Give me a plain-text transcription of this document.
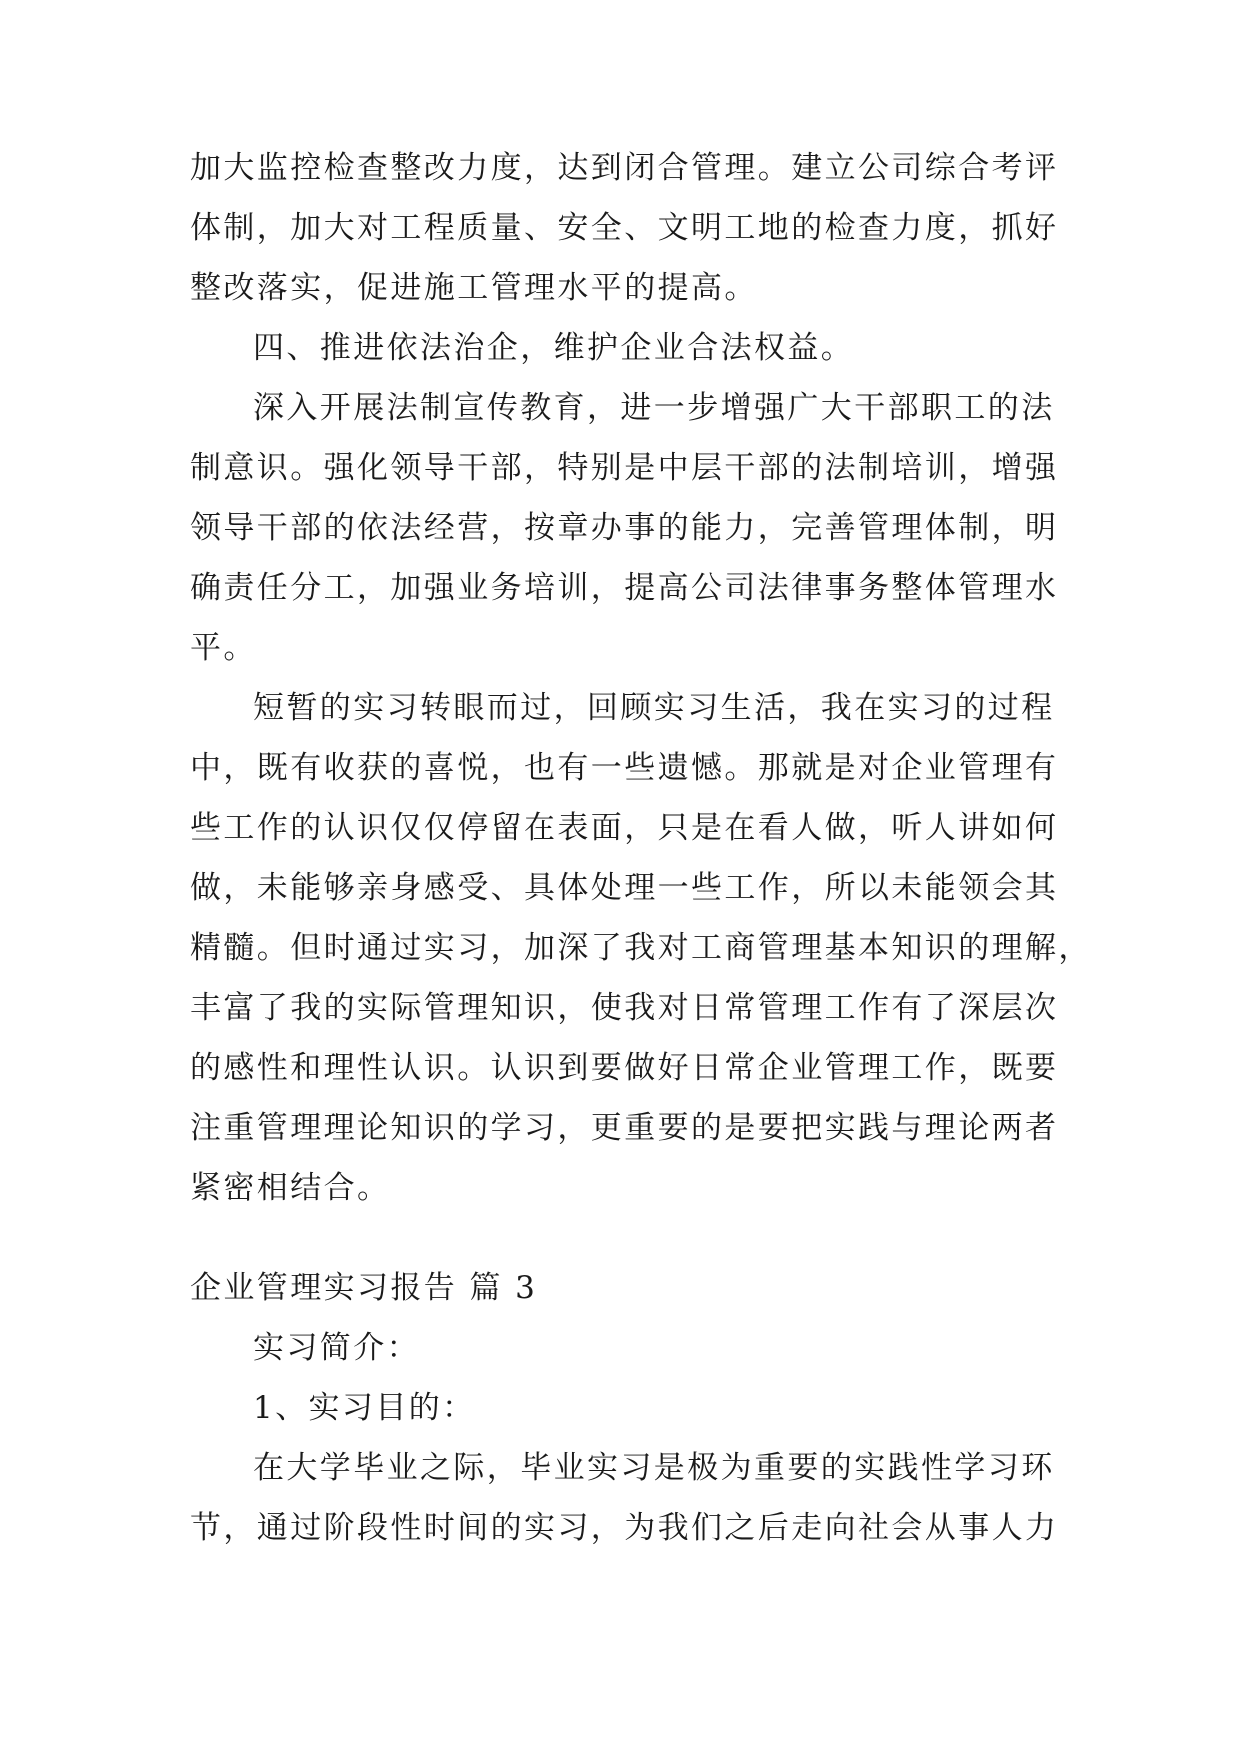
加大监控检查整改力度，达到闭合管理。建立公司综合考评
体制，加大对工程质量、安全、文明工地的检查力度，抓好
整改落实，促进施工管理水平的提高。
四、推进依法治企，维护企业合法权益。
深入开展法制宣传教育，进一步增强广大干部职工的法
制意识。强化领导干部，特别是中层干部的法制培训，增强
领导干部的依法经营，按章办事的能力，完善管理体制，明
确责任分工，加强业务培训，提高公司法律事务整体管理水
平。
短暂的实习转眼而过，回顾实习生活，我在实习的过程
中，既有收获的喜悦，也有一些遗憾。那就是对企业管理有
些工作的认识仅仅停留在表面，只是在看人做，听人讲如何
做，未能够亲身感受、具体处理一些工作，所以未能领会其
精髓。但时通过实习，加深了我对工商管理基本知识的理解，
丰富了我的实际管理知识，使我对日常管理工作有了深层次
的感性和理性认识。认识到要做好日常企业管理工作，既要
注重管理理论知识的学习，更重要的是要把实践与理论两者
紧密相结合。
企业管理实习报告 篇 3
实习简介：
1、实习目的：
在大学毕业之际，毕业实习是极为重要的实践性学习环
节，通过阶段性时间的实习，为我们之后走向社会从事人力
